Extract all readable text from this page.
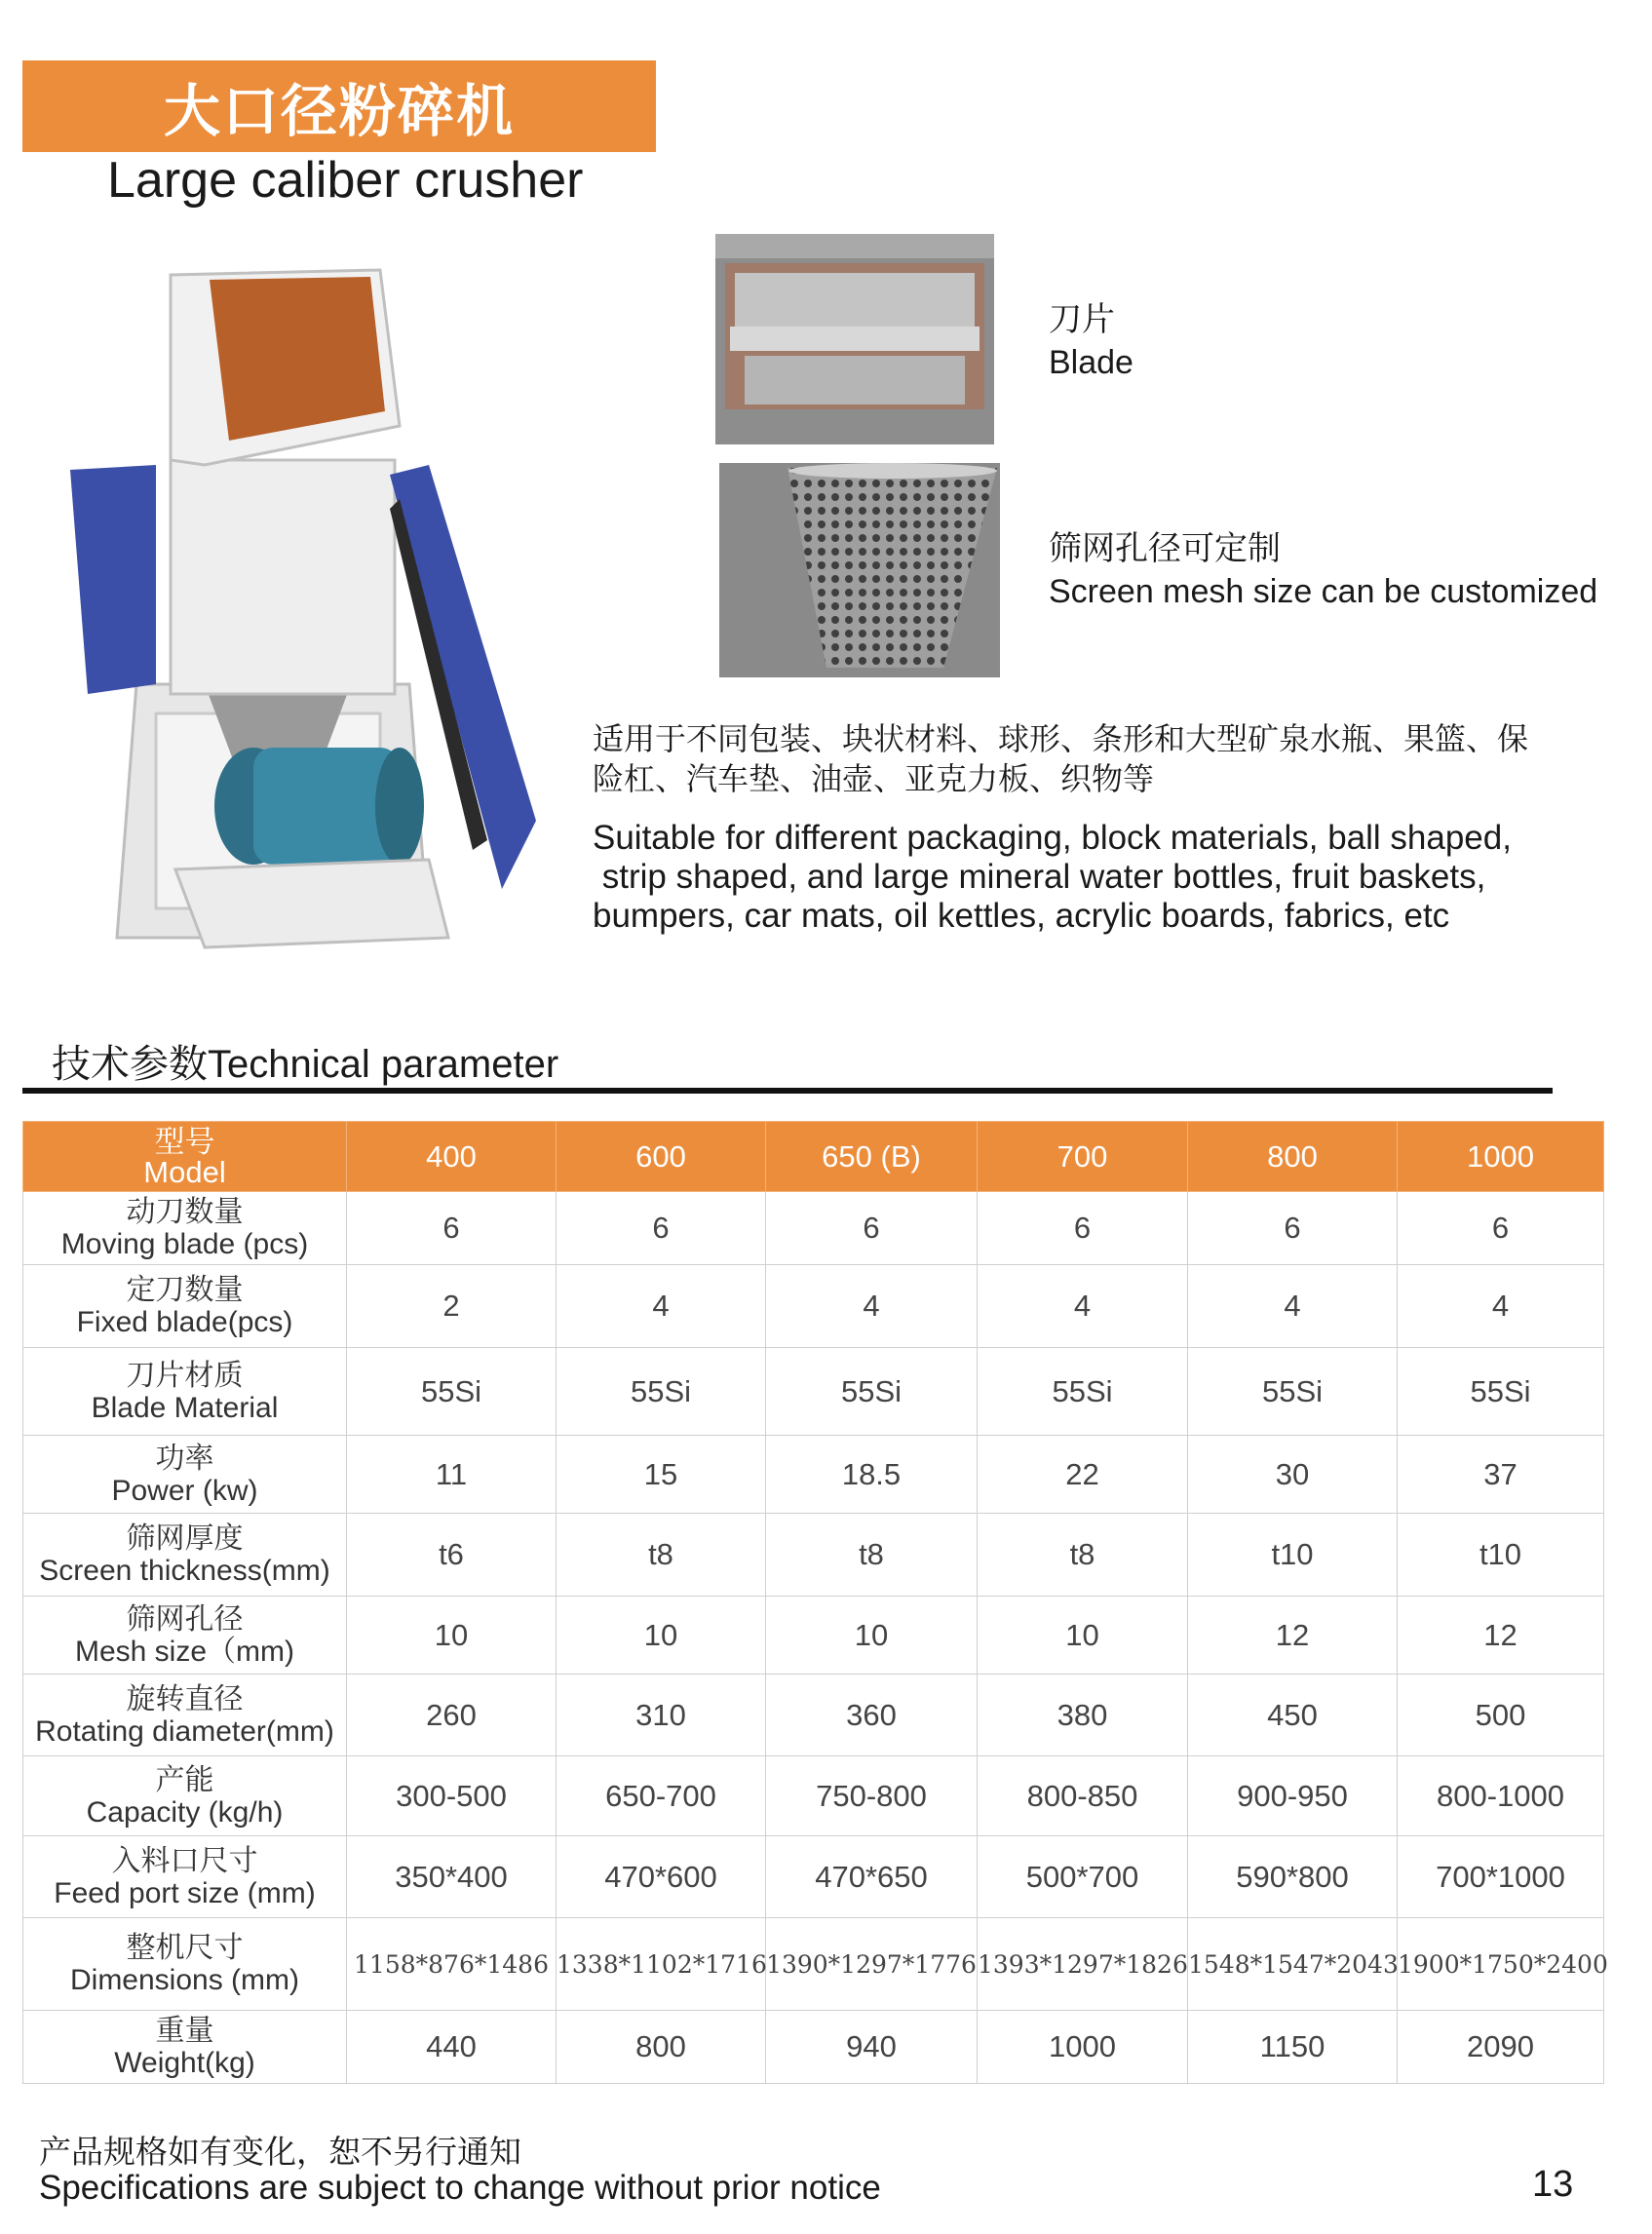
大口径粉碎机
Large caliber crusher
刀片
Blade
筛网孔径可定制
Screen mesh size can be customized
适用于不同包装、块状材料、球形、条形和大型矿泉水瓶、果篮、保险杠、汽车垫、油壶、亚克力板、织物等
Suitable for different packaging, block materials, ball shaped,
strip shaped, and large mineral water bottles, fruit baskets,
bumpers, car mats, oil kettles, acrylic boards, fabrics, etc
技术参数Technical parameter
型号
Model	400	600	650 (B)	700	800	1000

动刀数量
Moving blade (pcs)	6	6	6	6	6	6

定刀数量
Fixed blade(pcs)	2	4	4	4	4	4

刀片材质
Blade Material	55Si	55Si	55Si	55Si	55Si	55Si

功率
Power (kw)	11	15	18.5	22	30	37

筛网厚度
Screen thickness(mm)	t6	t8	t8	t8	t10	t10

筛网孔径
Mesh size（mm)	10	10	10	10	12	12

旋转直径
Rotating diameter(mm)	260	310	360	380	450	500

产能
Capacity (kg/h)	300-500	650-700	750-800	800-850	900-950	800-1000

入料口尺寸
Feed port size (mm)	350*400	470*600	470*650	500*700	590*800	700*1000

整机尺寸
Dimensions (mm)	1158*876*1486	1338*1102*1716	1390*1297*1776	1393*1297*1826	1548*1547*2043	1900*1750*2400

重量
Weight(kg)	440	800	940	1000	1150	2090
产品规格如有变化，恕不另行通知
Specifications are subject to change without prior notice	13
